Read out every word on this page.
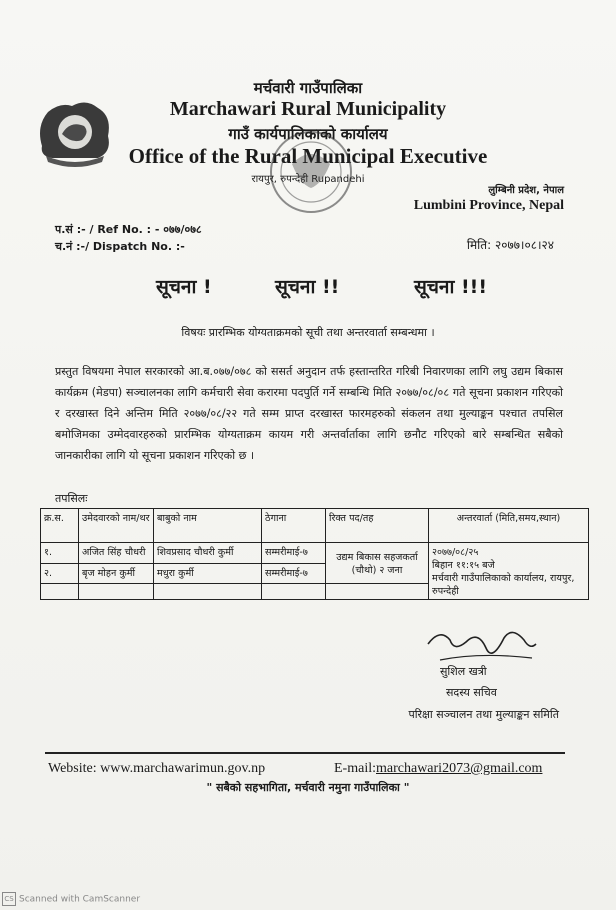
मर्चवारी गाउँपालिका
Marchawari Rural Municipality
गाउँ कार्यपालिकाको कार्यालय
Office of the Rural Municipal Executive
रायपुर, रुपन्देही Rupandehi
लुम्बिनी प्रदेश, नेपाल
Lumbini Province, Nepal
प.सं :- / Ref No. : - ०७७/०७८
च.नं :-/ Dispatch No. :-	मिति: २०७७।०८।२४
सूचना !	सूचना !!	सूचना !!!
विषयः प्रारम्भिक योग्यताक्रमको सूची तथा अन्तरवार्ता सम्बन्धमा ।

प्रस्तुत विषयमा नेपाल सरकारको आ.ब.०७७/०७८ को ससर्त अनुदान तर्फ हस्तान्तरित गरिबी निवारणका लागि लघु उद्यम बिकास कार्यक्रम (मेडपा) सञ्चालनका लागि कर्मचारी सेवा करारमा पदपुर्ति गर्ने सम्बन्धि मिति २०७७/०८/०८ गते सूचना प्रकाशन गरिएको र दरखास्त दिने अन्तिम मिति २०७७/०८/२२ गते सम्म प्राप्त दरखास्त फारमहरुको संकलन तथा मुल्याङ्कन पश्चात तपसिल बमोजिमका उम्मेदवारहरुको प्रारम्भिक योग्यताक्रम कायम गरी अन्तर्वार्ताका लागि छनौट गरिएको बारे सम्बन्धित सबैको जानकारीका लागि यो सूचना प्रकाशन गरिएको छ ।

तपसिलः
क्र.स.	उमेदवारको नाम/थर	बाबुको नाम	ठेगाना	रिक्त पद/तह	अन्तरवार्ता (मिति,समय,स्थान)
१.	अजित सिंह चौधरी	शिवप्रसाद चौधरी कुर्मी	सम्मरीमाई-७	उद्यम बिकास सहजकर्ता (चौथो) २ जना	२०७७/०८/२५
बिहान ११:१५ बजे
मर्चवारी गाउँपालिकाको कार्यालय, रायपुर, रुपन्देही

२.	बृज मोहन कुर्मी	मधुरा कुर्मी	सम्मरीमाई-७		

सुशिल खत्री
सदस्य सचिव
परिक्षा सञ्चालन तथा मुल्याङ्कन समिति
Website: www.marchawarimun.gov.np	E-mail:marchawari2073@gmail.com
" सबैको सहभागिता, मर्चवारी नमुना गाउँपालिका "
CS Scanned with CamScanner
